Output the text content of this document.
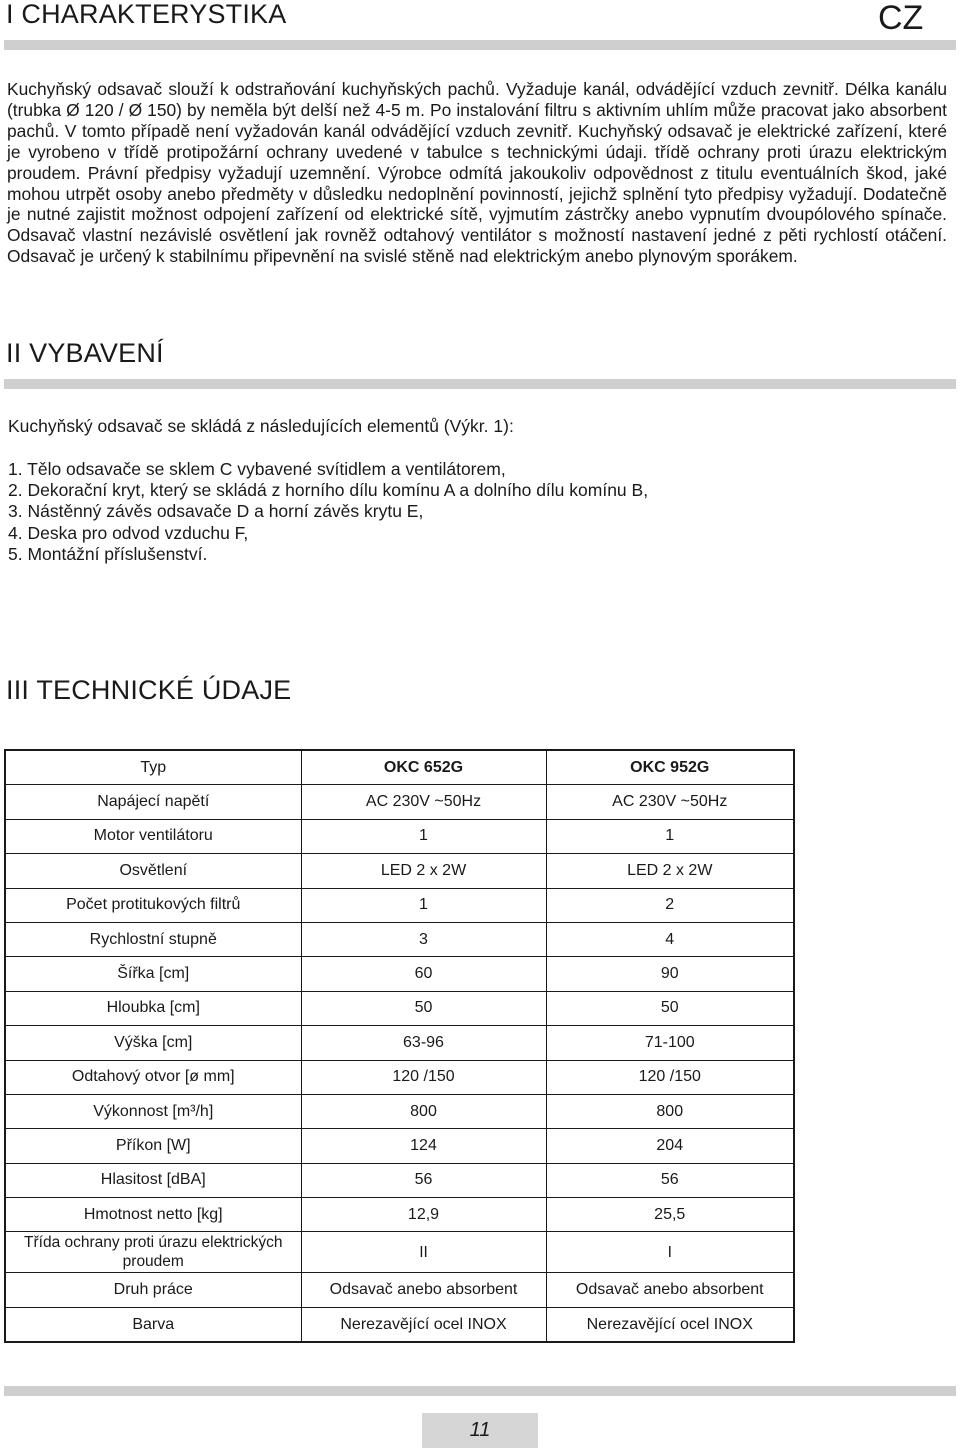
I CHARAKTERYSTIKA	CZ

Kuchyňský odsavač slouží k odstraňování kuchyňských pachů. Vyžaduje kanál, odvádějící vzduch zevnitř. Délka kanálu (trubka Ø 120 / Ø 150) by neměla být delší než 4-5 m. Po instalování filtru s aktivním uhlím může pracovat jako absorbent pachů. V tomto případě není vyžadován kanál odvádějící vzduch zevnitř. Kuchyňský odsavač je elektrické zařízení, které je vyrobeno v třídě protipožární ochrany uvedené v tabulce s technickými údaji. třídě ochrany proti úrazu elektrickým proudem. Právní předpisy vyžadují uzemnění. Výrobce odmítá jakoukoliv odpovědnost z titulu eventuálních škod, jaké mohou utrpět osoby anebo předměty v důsledku nedoplnění povinností, jejichž splnění tyto předpisy vyžadují. Dodatečně je nutné zajistit možnost odpojení zařízení od elektrické sítě, vyjmutím zástrčky anebo vypnutím dvoupólového spínače. Odsavač vlastní nezávislé osvětlení jak rovněž odtahový ventilátor s možností nastavení jedné z pěti rychlostí otáčení. Odsavač je určený k stabilnímu připevnění na svislé stěně nad elektrickým anebo plynovým sporákem.

II VYBAVENÍ

Kuchyňský odsavač se skládá z následujících elementů (Výkr. 1):

1. Tělo odsavače se sklem C vybavené svítidlem a ventilátorem,
2. Dekorační kryt, který se skládá z horního dílu komínu A a dolního dílu komínu B,
3. Nástěnný závěs odsavače D a horní závěs krytu E,
4. Deska pro odvod vzduchu F,
5. Montážní příslušenství.
III TECHNICKÉ ÚDAJE
Typ	OKC 652G	OKC 952G
Napájecí napětí	AC 230V ~50Hz	AC 230V ~50Hz
Motor ventilátoru	1	1
Osvětlení	LED 2 x 2W	LED 2 x 2W
Počet protitukových filtrů	1	2
Rychlostní stupně	3	4
Šířka [cm]	60	90
Hloubka [cm]	50	50
Výška [cm]	63-96	71-100
Odtahový otvor [ø mm]	120 /150	120 /150
Výkonnost [m³/h]	800	800
Příkon [W]	124	204
Hlasitost [dBA]	56	56
Hmotnost netto [kg]	12,9	25,5
Třída ochrany proti úrazu elektrických proudem	II	I
Druh práce	Odsavač anebo absorbent	Odsavač anebo absorbent
Barva	Nerezavějící ocel INOX	Nerezavějící ocel INOX
11
